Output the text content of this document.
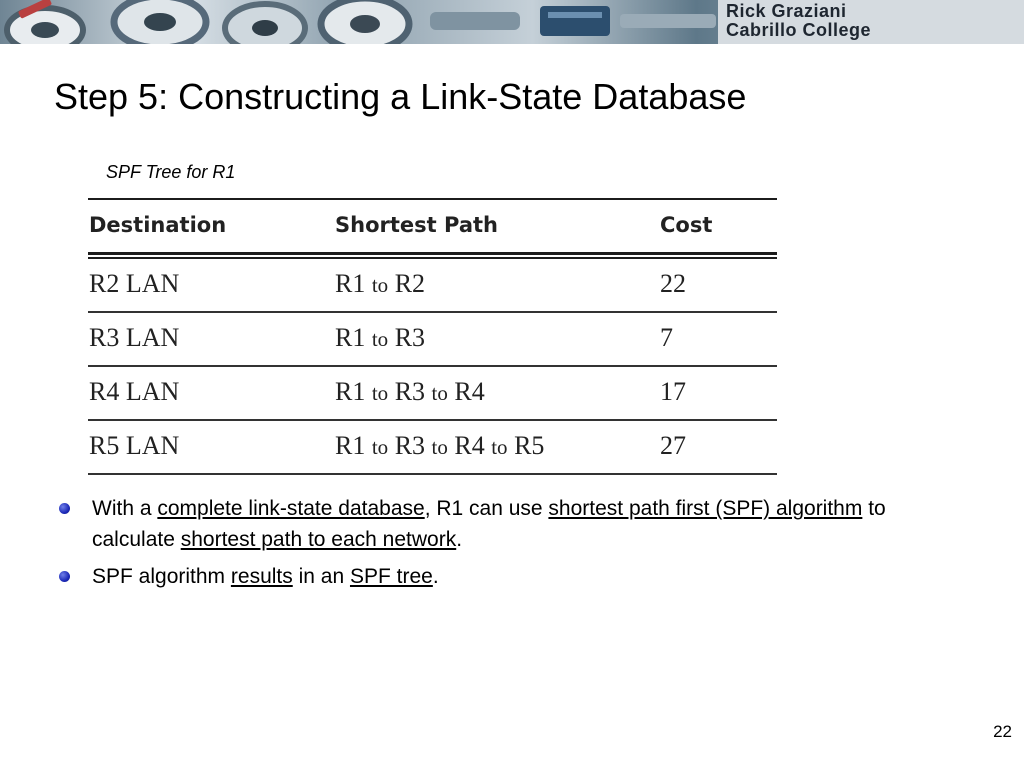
Rick Graziani
Cabrillo College
Step 5: Constructing a Link-State Database
SPF Tree for R1
Destination	Shortest Path	Cost
R2 LAN	R1 to R2	22
R3 LAN	R1 to R3	7
R4 LAN	R1 to R3 to R4	17
R5 LAN	R1 to R3 to R4 to R5	27
With a complete link-state database, R1 can use shortest path first (SPF) algorithm to calculate shortest path to each network.
SPF algorithm results in an SPF tree.
22
